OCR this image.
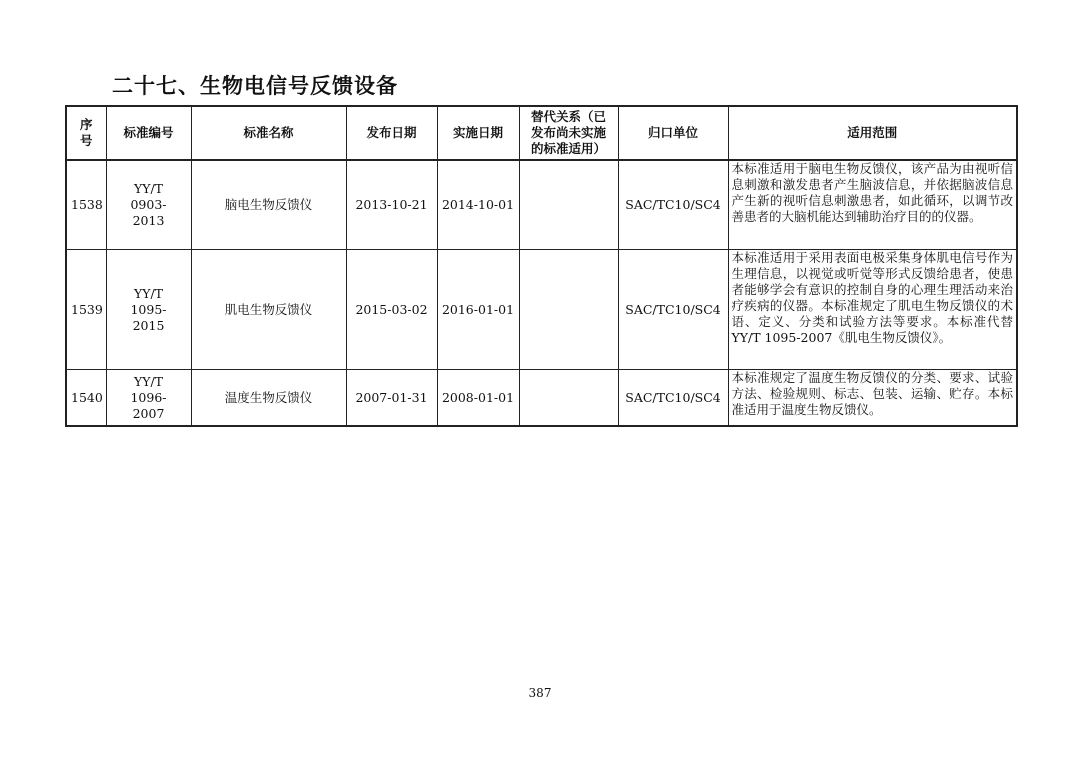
二十七、生物电信号反馈设备
序号	标准编号	标准名称	发布日期	实施日期	替代关系（已发布尚未实施的标准适用）	归口单位	适用范围
1538	YY/T 0903-2013	脑电生物反馈仪	2013-10-21	2014-10-01		SAC/TC10/SC4	本标准适用于脑电生物反馈仪，该产品为由视听信息刺激和激发患者产生脑波信息，并依据脑波信息产生新的视听信息刺激患者，如此循环，以调节改善患者的大脑机能达到辅助治疗目的的仪器。
1539	YY/T 1095-2015	肌电生物反馈仪	2015-03-02	2016-01-01		SAC/TC10/SC4	本标准适用于采用表面电极采集身体肌电信号作为生理信息，以视觉或听觉等形式反馈给患者，使患者能够学会有意识的控制自身的心理生理活动来治疗疾病的仪器。本标准规定了肌电生物反馈仪的术语、定义、分类和试验方法等要求。本标准代替 YY/T 1095-2007《肌电生物反馈仪》。
1540	YY/T 1096-2007	温度生物反馈仪	2007-01-31	2008-01-01		SAC/TC10/SC4	本标准规定了温度生物反馈仪的分类、要求、试验方法、检验规则、标志、包装、运输、贮存。本标准适用于温度生物反馈仪。
387
